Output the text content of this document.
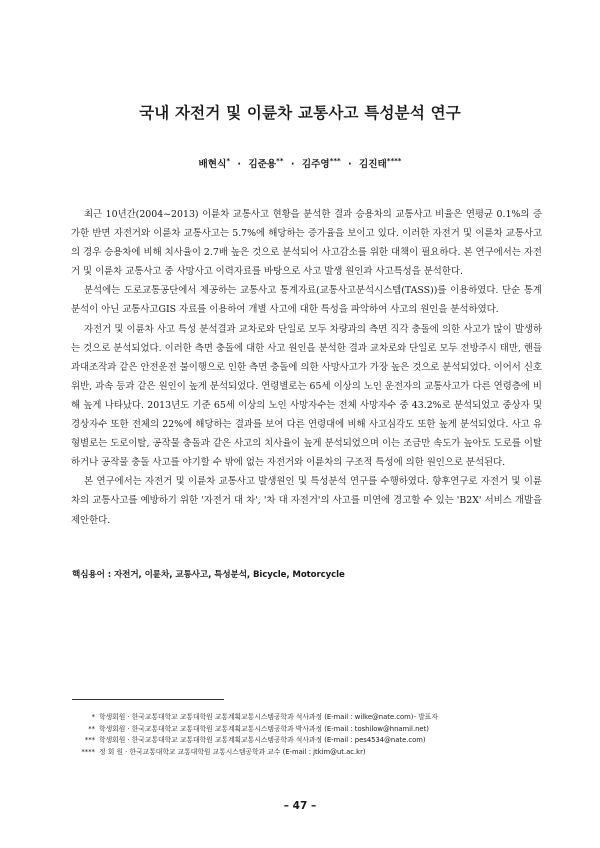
국내 자전거 및 이륜차 교통사고 특성분석 연구
배현식* · 김준용** · 김주영*** · 김진태****

최근 10년간(2004~2013) 이륜차 교통사고 현황을 분석한 결과 승용차의 교통사고 비율은 연평균 0.1%의 증가한 반면 자전거와 이륜차 교통사고는 5.7%에 해당하는 증가율을 보이고 있다. 이러한 자전거 및 이륜차 교통사고의 경우 승용차에 비해 치사율이 2.7배 높은 것으로 분석되어 사고감소를 위한 대책이 필요하다. 본 연구에서는 자전거 및 이륜차 교통사고 중 사망사고 이력자료를 바탕으로 사고 발생 원인과 사고특성을 분석한다.

분석에는 도로교통공단에서 제공하는 교통사고 통계자료(교통사고분석시스템(TASS))를 이용하였다. 단순 통계분석이 아닌 교통사고GIS 자료를 이용하여 개별 사고에 대한 특성을 파악하여 사고의 원인을 분석하였다.

자전거 및 이륜차 사고 특성 분석결과 교차로와 단일로 모두 차량과의 측면 직각 충돌에 의한 사고가 많이 발생하는 것으로 분석되었다. 이러한 측면 충돌에 대한 사고 원인을 분석한 결과 교차로와 단일로 모두 전방주시 태만, 핸들 과대조작과 같은 안전운전 불이행으로 인한 측면 충돌에 의한 사망사고가 가장 높은 것으로 분석되었다. 이어서 신호위반, 과속 등과 같은 원인이 높게 분석되었다. 연령별로는 65세 이상의 노인 운전자의 교통사고가 다른 연령층에 비해 높게 나타났다. 2013년도 기준 65세 이상의 노인 사망자수는 전체 사망자수 중 43.2%로 분석되었고 중상자 및 경상자수 또한 전체의 22%에 해당하는 결과를 보여 다른 연령대에 비해 사고심각도 또한 높게 분석되었다. 사고 유형별로는 도로이탈, 공작물 충돌과 같은 사고의 치사율이 높게 분석되었으며 이는 조금만 속도가 높아도 도로를 이탈하거나 공작물 충돌 사고를 야기할 수 밖에 없는 자전거와 이륜차의 구조적 특성에 의한 원인으로 분석된다.

본 연구에서는 자전거 및 이륜차 교통사고 발생원인 및 특성분석 연구를 수행하였다. 향후연구로 자전거 및 이륜차의 교통사고를 예방하기 위한 '자전거 대 차', '차 대 자전거'의 사고를 미연에 경고할 수 있는 'B2X' 서비스 개발을 제안한다.

핵심용어 : 자전거, 이륜차, 교통사고, 특성분석, Bicycle, Motorcycle
* 학생회원 · 한국교통대학교 교통대학원 교통계획교통시스템공학과 석사과정 (E-mail : wilke@nate.com)- 발표자
** 학생회원 · 한국교통대학교 교통대학원 교통계획교통시스템공학과 박사과정 (E-mail : toshilow@hnamil.net)
*** 학생회원 · 한국교통대학교 교통대학원 교통계획교통시스템공학과 석사과정 (E-mail : pes4534@nate.com)
**** 정 회 원 · 한국교통대학교 교통대학원 교통시스템공학과 교수 (E-mail : jtkim@ut.ac.kr)
– 47 –
